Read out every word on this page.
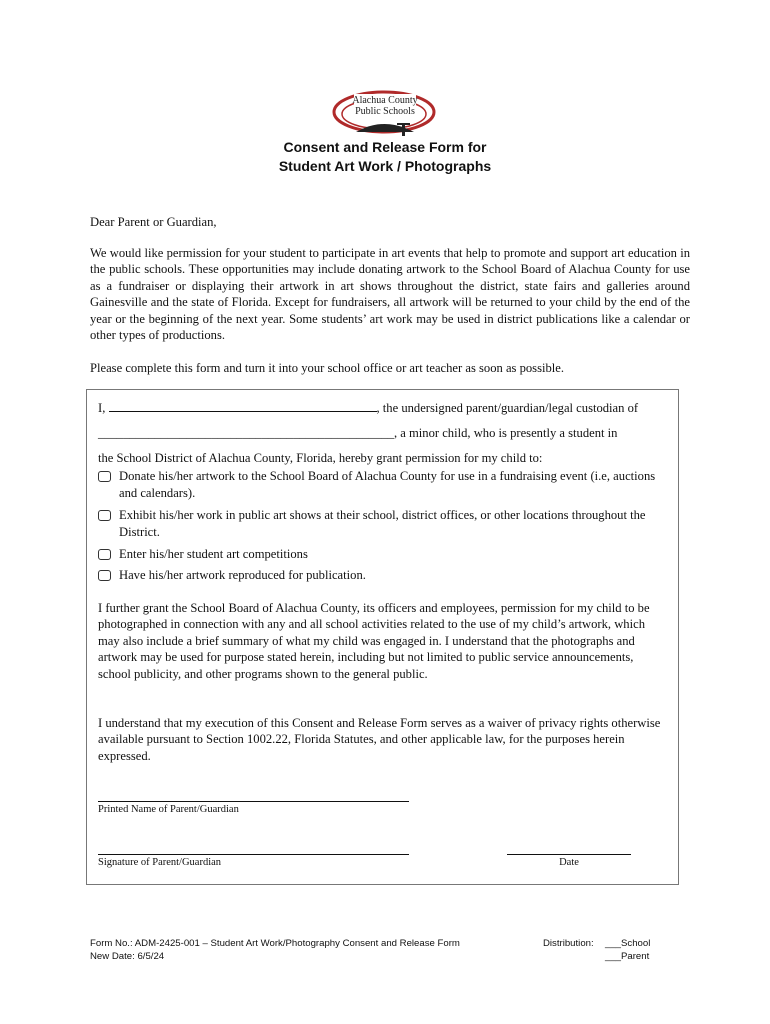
Alachua County
Public Schools
Consent and Release Form for
Student Art Work / Photographs
Dear Parent or Guardian,
We would like permission for your student to participate in art events that help to promote and support art education in the public schools. These opportunities may include donating artwork to the School Board of Alachua County for use as a fundraiser or displaying their artwork in art shows throughout the district, state fairs and galleries around Gainesville and the state of Florida. Except for fundraisers, all artwork will be returned to your child by the end of the year or the beginning of the next year. Some students’ art work may be used in district publications like a calendar or other types of productions.
Please complete this form and turn it into your school office or art teacher as soon as possible.
I,	, the undersigned parent/guardian/legal custodian of
_______________________________________________, a minor child, who is presently a student in
the School District of Alachua County, Florida, hereby grant permission for my child to:
Donate his/her artwork to the School Board of Alachua County for use in a fundraising event (i.e, auctions and calendars).
Exhibit his/her work in public art shows at their school, district offices, or other locations throughout the District.
Enter his/her student art competitions
Have his/her artwork reproduced for publication.
I further grant the School Board of Alachua County, its officers and employees, permission for my child to be photographed in connection with any and all school activities related to the use of my child’s artwork, which may also include a brief summary of what my child was engaged in. I understand that the photographs and artwork may be used for purpose stated herein, including but not limited to public service announcements, school publicity, and other programs shown to the general public.
I understand that my execution of this Consent and Release Form serves as a waiver of privacy rights otherwise available pursuant to Section 1002.22, Florida Statutes, and other applicable law, for the purposes herein expressed.
Printed Name of Parent/Guardian
Signature of Parent/Guardian	Date
Form No.: ADM-2425-001 – Student Art Work/Photography Consent and Release Form
New Date: 6/5/24
Distribution: ___School
___Parent
